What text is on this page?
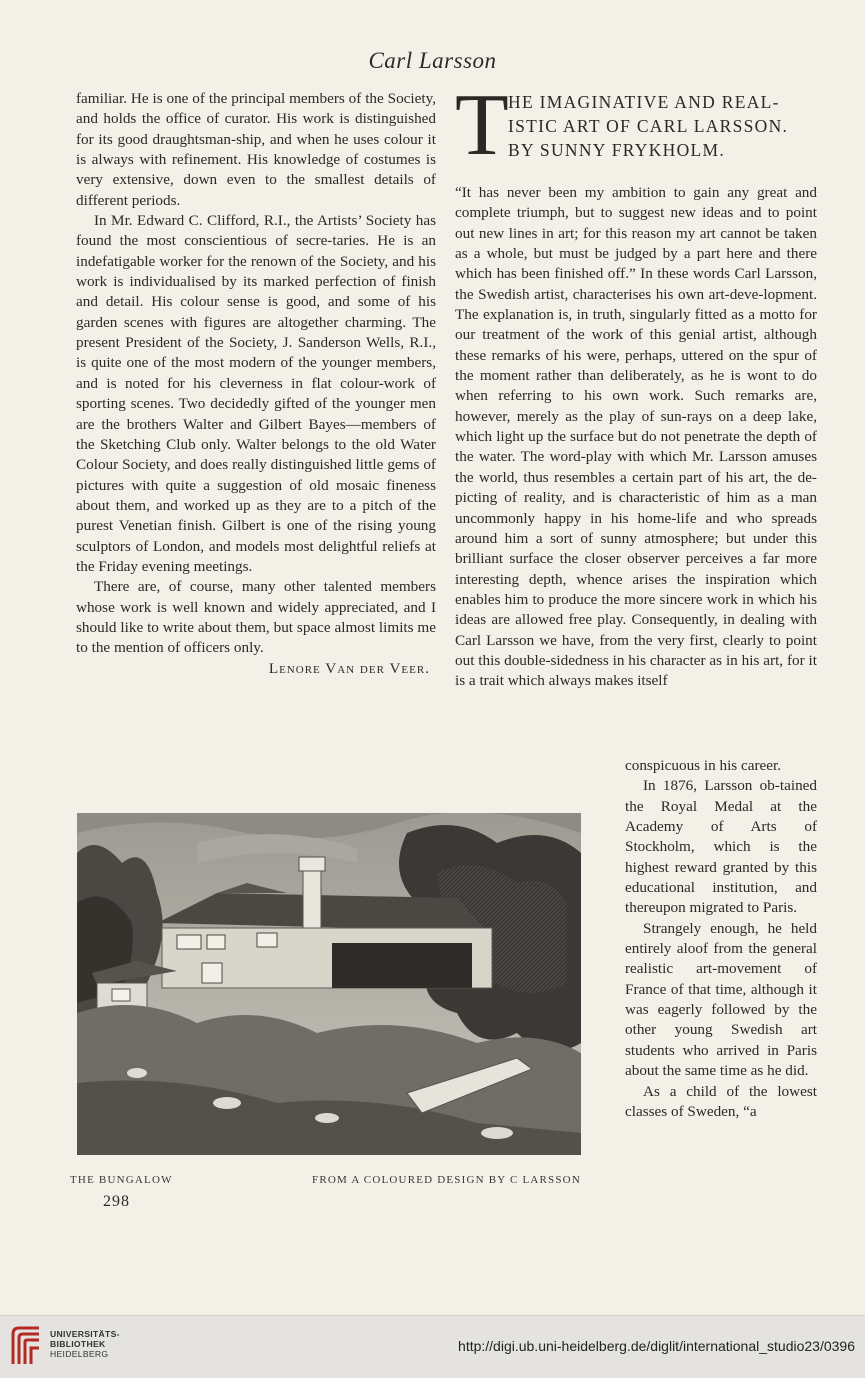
Carl Larsson

familiar. He is one of the principal members of the Society, and holds the office of curator. His work is distinguished for its good draughtsman-ship, and when he uses colour it is always with refinement. His knowledge of costumes is very extensive, down even to the smallest details of different periods.

In Mr. Edward C. Clifford, R.I., the Artists’ Society has found the most conscientious of secre-taries. He is an indefatigable worker for the renown of the Society, and his work is individualised by its marked perfection of finish and detail. His colour sense is good, and some of his garden scenes with figures are altogether charming. The present President of the Society, J. Sanderson Wells, R.I., is quite one of the most modern of the younger members, and is noted for his cleverness in flat colour-work of sporting scenes. Two decidedly gifted of the younger men are the brothers Walter and Gilbert Bayes—members of the Sketching Club only. Walter belongs to the old Water Colour Society, and does really distinguished little gems of pictures with quite a suggestion of old mosaic fineness about them, and worked up as they are to a pitch of the purest Venetian finish. Gilbert is one of the rising young sculptors of London, and models most delightful reliefs at the Friday evening meetings.

There are, of course, many other talented members whose work is well known and widely appreciated, and I should like to write about them, but space almost limits me to the mention of officers only.

Lenore Van der Veer.
T HE IMAGINATIVE AND REAL-
ISTIC ART OF CARL LARSSON.
BY SUNNY FRYKHOLM.

“It has never been my ambition to gain any great and complete triumph, but to suggest new ideas and to point out new lines in art; for this reason my art cannot be taken as a whole, but must be judged by a part here and there which has been finished off.” In these words Carl Larsson, the Swedish artist, characterises his own art-deve-lopment. The explanation is, in truth, singularly fitted as a motto for our treatment of the work of this genial artist, although these remarks of his were, perhaps, uttered on the spur of the moment rather than deliberately, as he is wont to do when referring to his own work. Such remarks are, however, merely as the play of sun-rays on a deep lake, which light up the surface but do not penetrate the depth of the water. The word-play with which Mr. Larsson amuses the world, thus resembles a certain part of his art, the de-picting of reality, and is characteristic of him as a man uncommonly happy in his home-life and who spreads around him a sort of sunny atmosphere; but under this brilliant surface the closer observer perceives a far more interesting depth, whence arises the inspiration which enables him to produce the more sincere work in which his ideas are allowed free play. Consequently, in dealing with Carl Larsson we have, from the very first, clearly to point out this double-sidedness in his character as in his art, for it is a trait which always makes itself

conspicuous in his career.

In 1876, Larsson ob-tained the Royal Medal at the Academy of Arts of Stockholm, which is the highest reward granted by this educational institution, and thereupon migrated to Paris.

Strangely enough, he held entirely aloof from the general realistic art-movement of France of that time, although it was eagerly followed by the other young Swedish art students who arrived in Paris about the same time as he did.

As a child of the lowest classes of Sweden, “a

THE BUNGALOW	FROM A COLOURED DESIGN BY C LARSSON
298
UNIVERSITÄTS-
BIBLIOTHEK
HEIDELBERG	http://digi.ub.uni-heidelberg.de/diglit/international_studio23/0396
